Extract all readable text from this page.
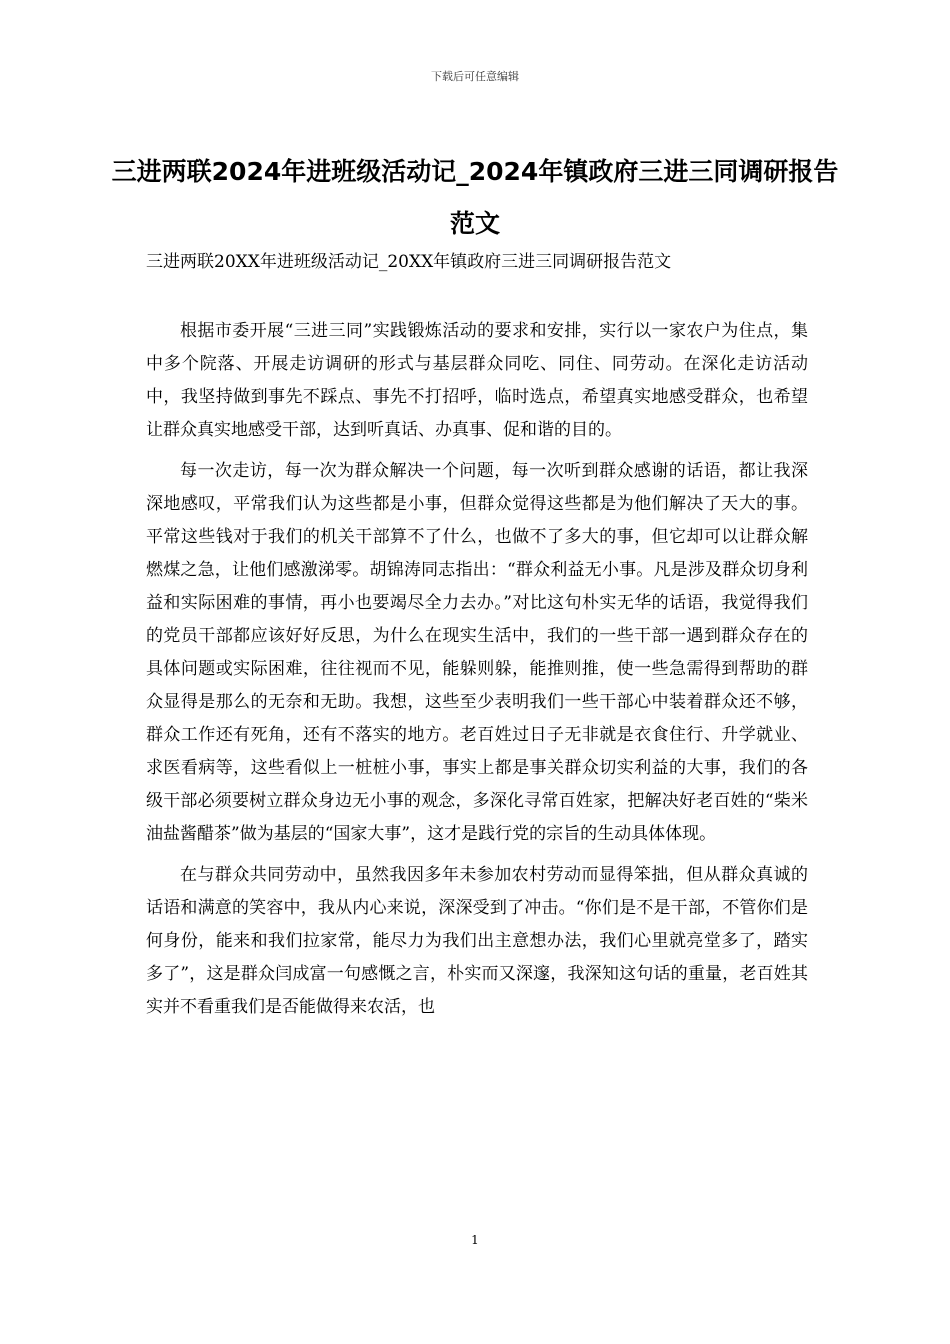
下载后可任意编辑
三进两联2024年进班级活动记_2024年镇政府三进三同调研报告范文

三进两联20XX年进班级活动记_20XX年镇政府三进三同调研报告范文

根据市委开展“三进三同”实践锻炼活动的要求和安排，实行以一家农户为住点，集中多个院落、开展走访调研的形式与基层群众同吃、同住、同劳动。在深化走访活动中，我坚持做到事先不踩点、事先不打招呼，临时选点，希望真实地感受群众，也希望让群众真实地感受干部，达到听真话、办真事、促和谐的目的。

每一次走访，每一次为群众解决一个问题，每一次听到群众感谢的话语，都让我深深地感叹，平常我们认为这些都是小事，但群众觉得这些都是为他们解决了天大的事。平常这些钱对于我们的机关干部算不了什么，也做不了多大的事，但它却可以让群众解燃煤之急，让他们感激涕零。胡锦涛同志指出：“群众利益无小事。凡是涉及群众切身利益和实际困难的事情，再小也要竭尽全力去办。”对比这句朴实无华的话语，我觉得我们的党员干部都应该好好反思，为什么在现实生活中，我们的一些干部一遇到群众存在的具体问题或实际困难，往往视而不见，能躲则躲，能推则推，使一些急需得到帮助的群众显得是那么的无奈和无助。我想，这些至少表明我们一些干部心中装着群众还不够，群众工作还有死角，还有不落实的地方。老百姓过日子无非就是衣食住行、升学就业、求医看病等，这些看似上一桩桩小事，事实上都是事关群众切实利益的大事，我们的各级干部必须要树立群众身边无小事的观念，多深化寻常百姓家，把解决好老百姓的“柴米油盐酱醋茶”做为基层的“国家大事”，这才是践行党的宗旨的生动具体体现。

在与群众共同劳动中，虽然我因多年未参加农村劳动而显得笨拙，但从群众真诚的话语和满意的笑容中，我从内心来说，深深受到了冲击。“你们是不是干部，不管你们是何身份，能来和我们拉家常，能尽力为我们出主意想办法，我们心里就亮堂多了，踏实多了”，这是群众闫成富一句感慨之言，朴实而又深邃，我深知这句话的重量，老百姓其实并不看重我们是否能做得来农活，也

1
